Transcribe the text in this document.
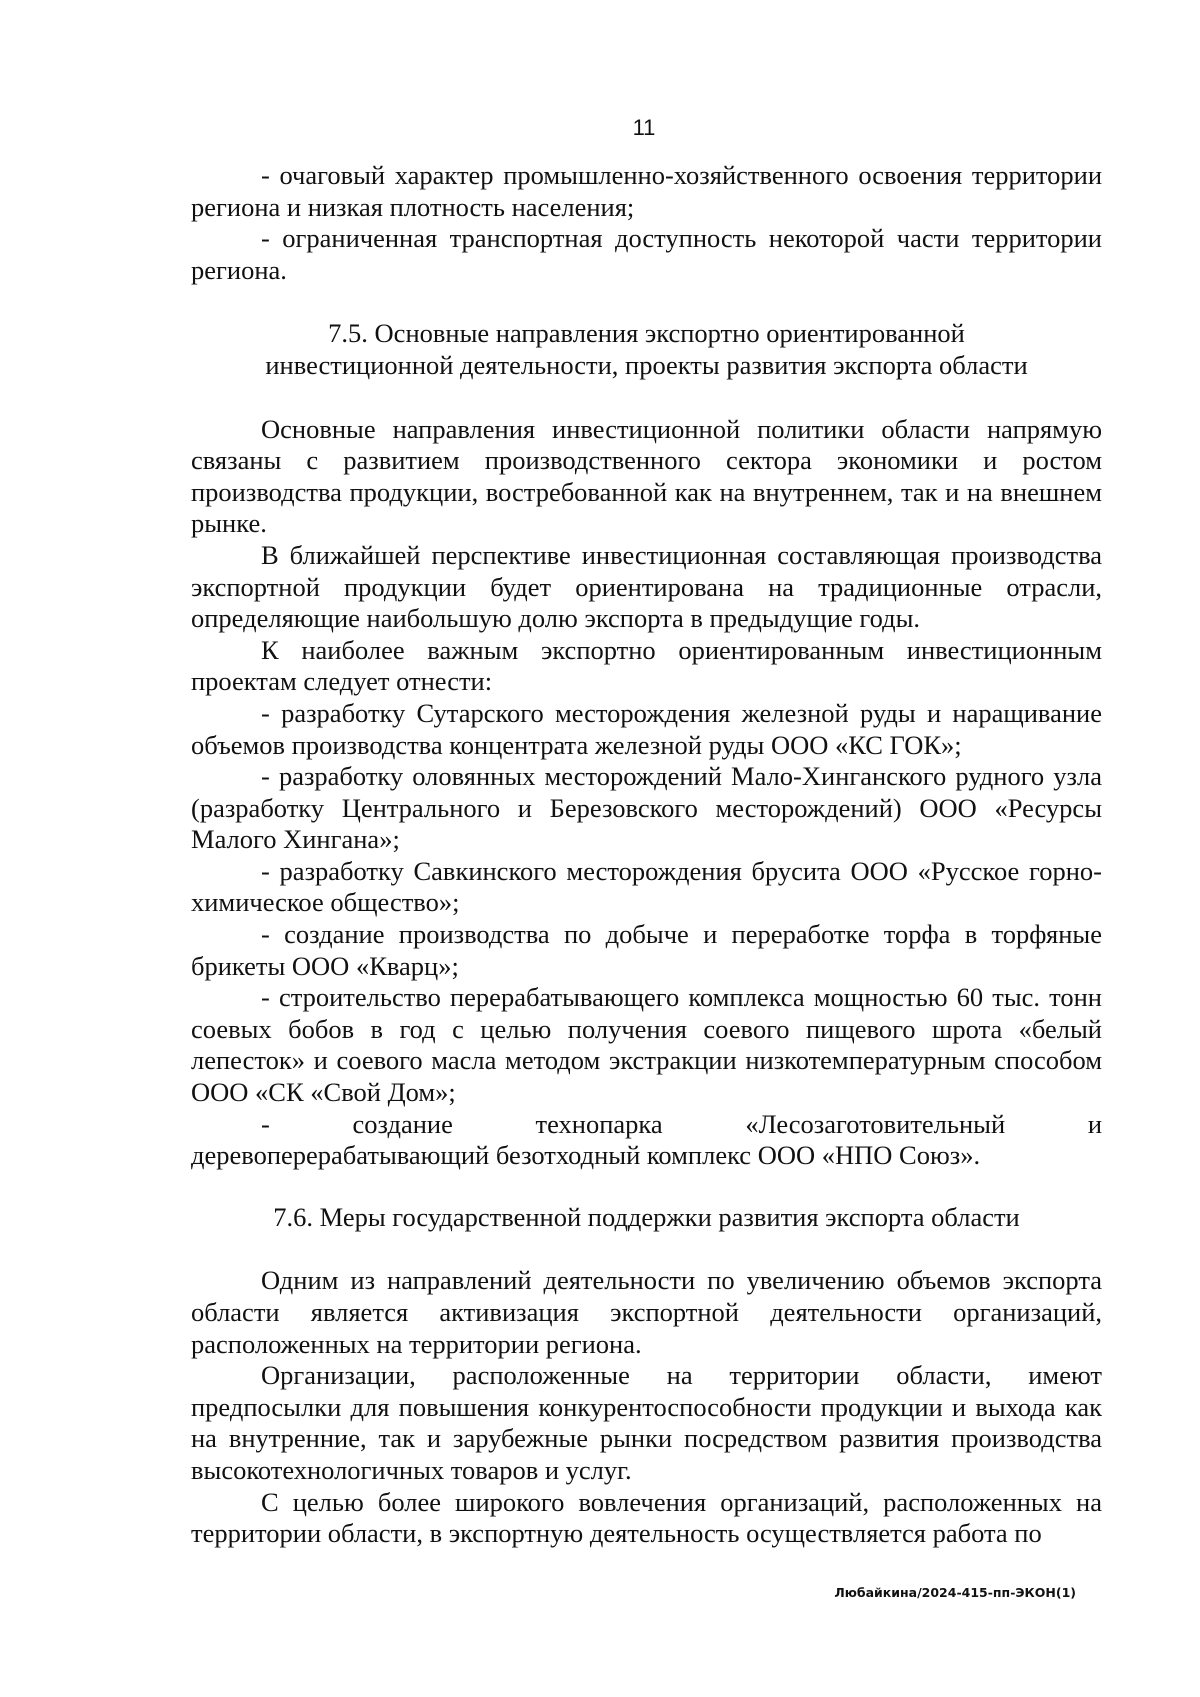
11

- очаговый характер промышленно-хозяйственного освоения территории региона и низкая плотность населения;

- ограниченная транспортная доступность некоторой части территории региона.

7.5. Основные направления экспортно ориентированной

инвестиционной деятельности, проекты развития экспорта области

Основные направления инвестиционной политики области напрямую связаны с развитием производственного сектора экономики и ростом производства продукции, востребованной как на внутреннем, так и на внешнем рынке.

В ближайшей перспективе инвестиционная составляющая производства экспортной продукции будет ориентирована на традиционные отрасли, определяющие наибольшую долю экспорта в предыдущие годы.

К наиболее важным экспортно ориентированным инвестиционным проектам следует отнести:

- разработку Сутарского месторождения железной руды и наращивание объемов производства концентрата железной руды ООО «КС ГОК»;

- разработку оловянных месторождений Мало-Хинганского рудного узла (разработку Центрального и Березовского месторождений) ООО «Ресурсы Малого Хингана»;

- разработку Савкинского месторождения брусита ООО «Русское горно-химическое общество»;

- создание производства по добыче и переработке торфа в торфяные брикеты ООО «Кварц»;

- строительство перерабатывающего комплекса мощностью 60 тыс. тонн соевых бобов в год с целью получения соевого пищевого шрота «белый лепесток» и соевого масла методом экстракции низкотемпературным способом ООО «СК «Свой Дом»;

- создание технопарка «Лесозаготовительный и деревоперерабатывающий безотходный комплекс ООО «НПО Союз».

7.6. Меры государственной поддержки развития экспорта области

Одним из направлений деятельности по увеличению объемов экспорта области является активизация экспортной деятельности организаций, расположенных на территории региона.

Организации, расположенные на территории области, имеют предпосылки для повышения конкурентоспособности продукции и выхода как на внутренние, так и зарубежные рынки посредством развития производства высокотехнологичных товаров и услуг.

С целью более широкого вовлечения организаций, расположенных на территории области, в экспортную деятельность осуществляется работа по

Любайкина/2024-415-пп-ЭКОН(1)
